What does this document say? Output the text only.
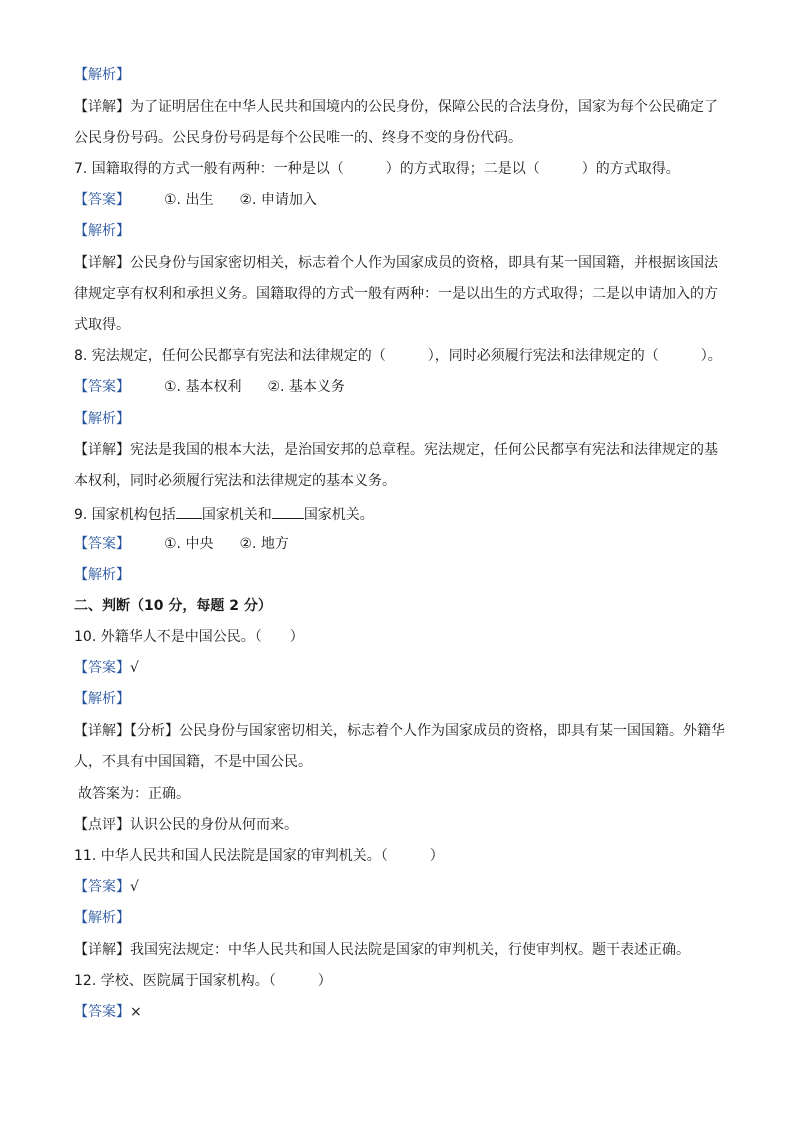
【解析】
【详解】为了证明居住在中华人民共和国境内的公民身份，保障公民的合法身份，国家为每个公民确定了
公民身份号码。公民身份号码是每个公民唯一的、终身不变的身份代码。
7. 国籍取得的方式一般有两种：一种是以（　　　）的方式取得；二是以（　　　）的方式取得。
【答案】 ①. 出生 ②. 申请加入
【解析】
【详解】公民身份与国家密切相关，标志着个人作为国家成员的资格，即具有某一国国籍，并根据该国法
律规定享有权利和承担义务。国籍取得的方式一般有两种：一是以出生的方式取得；二是以申请加入的方
式取得。
8. 宪法规定，任何公民都享有宪法和法律规定的（　　　），同时必须履行宪法和法律规定的（　　　）。
【答案】 ①. 基本权利 ②. 基本义务
【解析】
【详解】宪法是我国的根本大法，是治国安邦的总章程。宪法规定，任何公民都享有宪法和法律规定的基
本权利，同时必须履行宪法和法律规定的基本义务。
9. 国家机构包括 国家机关和 国家机关。
【答案】 ①. 中央 ②. 地方
【解析】
二、判断（10 分，每题 2 分）
10. 外籍华人不是中国公民。（　　）
【答案】√
【解析】
【详解】【分析】公民身份与国家密切相关，标志着个人作为国家成员的资格，即具有某一国国籍。外籍华
人，不具有中国国籍，不是中国公民。
故答案为：正确。
【点评】认识公民的身份从何而来。
11. 中华人民共和国人民法院是国家的审判机关。（　　　）
【答案】√
【解析】
【详解】我国宪法规定：中华人民共和国人民法院是国家的审判机关，行使审判权。题干表述正确。
12. 学校、医院属于国家机构。（　　　）
【答案】×
